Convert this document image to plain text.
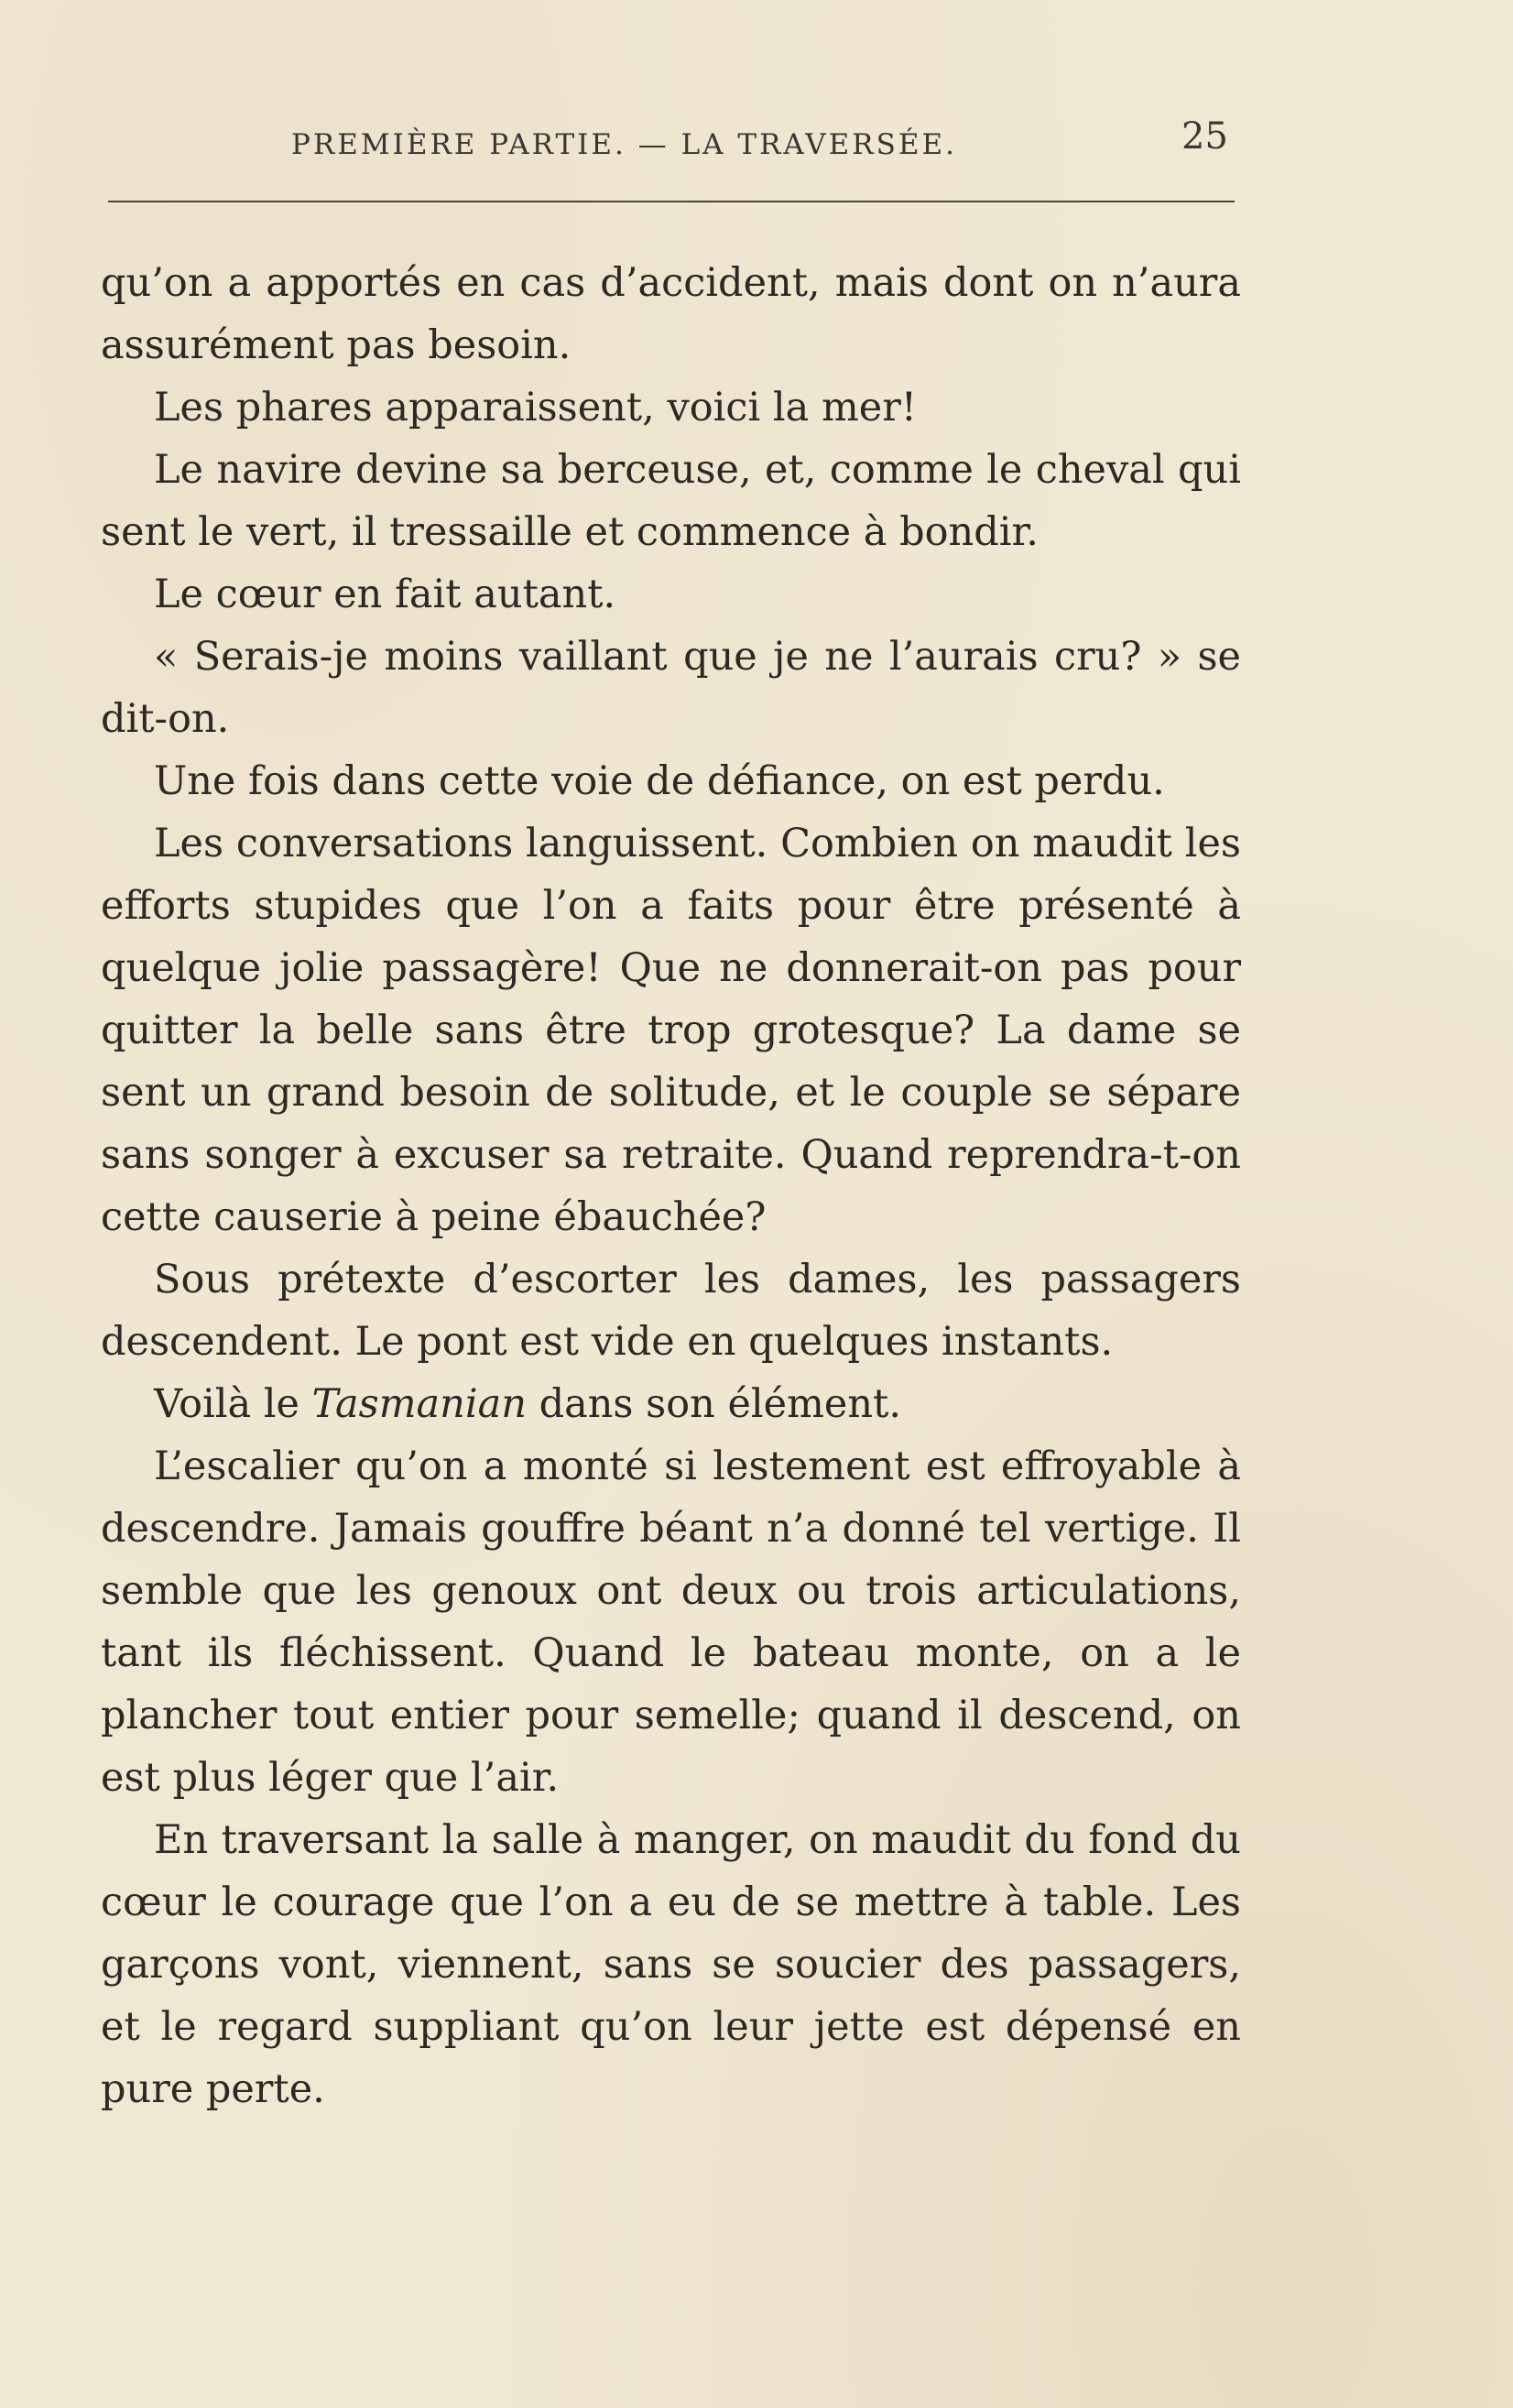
PREMIÈRE PARTIE. — LA TRAVERSÉE.	25

qu’on a apportés en cas d’accident, mais dont on n’aura assurément pas besoin.

Les phares apparaissent, voici la mer!

Le navire devine sa berceuse, et, comme le cheval qui sent le vert, il tressaille et commence à bondir.

Le cœur en fait autant.

« Serais-je moins vaillant que je ne l’aurais cru? » se dit-on.

Une fois dans cette voie de défiance, on est perdu.

Les conversations languissent. Combien on maudit les efforts stupides que l’on a faits pour être présenté à quelque jolie passagère! Que ne donnerait-on pas pour quitter la belle sans être trop grotesque? La dame se sent un grand besoin de solitude, et le couple se sépare sans songer à excuser sa retraite. Quand reprendra-t-on cette causerie à peine ébauchée?

Sous prétexte d’escorter les dames, les passagers descendent. Le pont est vide en quelques instants.

Voilà le Tasmanian dans son élément.

L’escalier qu’on a monté si lestement est effroyable à descendre. Jamais gouffre béant n’a donné tel vertige. Il semble que les genoux ont deux ou trois articulations, tant ils fléchissent. Quand le bateau monte, on a le plancher tout entier pour semelle; quand il descend, on est plus léger que l’air.

En traversant la salle à manger, on maudit du fond du cœur le courage que l’on a eu de se mettre à table. Les garçons vont, viennent, sans se soucier des passagers, et le regard suppliant qu’on leur jette est dépensé en pure perte.
